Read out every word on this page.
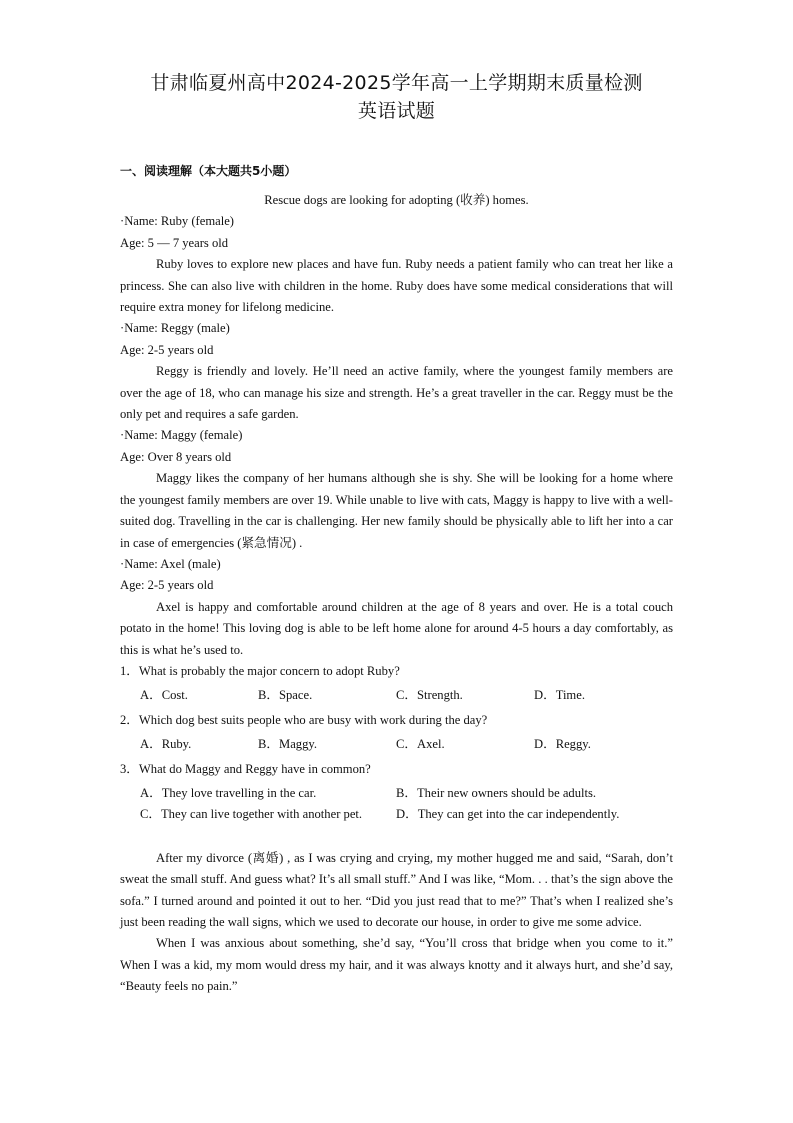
甘肃临夏州高中2024-2025学年高一上学期期末质量检测
英语试题
一、阅读理解（本大题共5小题）

Rescue dogs are looking for adopting (收养) homes.

·Name: Ruby (female)

Age: 5 — 7 years old

Ruby loves to explore new places and have fun. Ruby needs a patient family who can treat her like a princess. She can also live with children in the home. Ruby does have some medical considerations that will require extra money for lifelong medicine.

·Name: Reggy (male)

Age: 2-5 years old

Reggy is friendly and lovely. He’ll need an active family, where the youngest family members are over the age of 18, who can manage his size and strength. He’s a great traveller in the car. Reggy must be the only pet and requires a safe garden.

·Name: Maggy (female)

Age: Over 8 years old

Maggy likes the company of her humans although she is shy. She will be looking for a home where the youngest family members are over 19. While unable to live with cats, Maggy is happy to live with a well-suited dog. Travelling in the car is challenging. Her new family should be physically able to lift her into a car in case of emergencies (紧急情况) .

·Name: Axel (male)

Age: 2-5 years old

Axel is happy and comfortable around children at the age of 8 years and over. He is a total couch potato in the home! This loving dog is able to be left home alone for around 4-5 hours a day comfortably, as this is what he’s used to.

1．What is probably the major concern to adopt Ruby?

A．Cost.	B．Space.	C．Strength.	D．Time.

2．Which dog best suits people who are busy with work during the day?

A．Ruby.	B．Maggy.	C．Axel.	D．Reggy.

3．What do Maggy and Reggy have in common?

A．They love travelling in the car.	B．Their new owners should be adults.
C．They can live together with another pet.	D．They can get into the car independently.

After my divorce (离婚) , as I was crying and crying, my mother hugged me and said, “Sarah, don’t sweat the small stuff. And guess what? It’s all small stuff.” And I was like, “Mom. . . that’s the sign above the sofa.” I turned around and pointed it out to her. “Did you just read that to me?” That’s when I realized she’s just been reading the wall signs, which we used to decorate our house, in order to give me some advice.

When I was anxious about something, she’d say, “You’ll cross that bridge when you come to it.” When I was a kid, my mom would dress my hair, and it was always knotty and it always hurt, and she’d say, “Beauty feels no pain.”
